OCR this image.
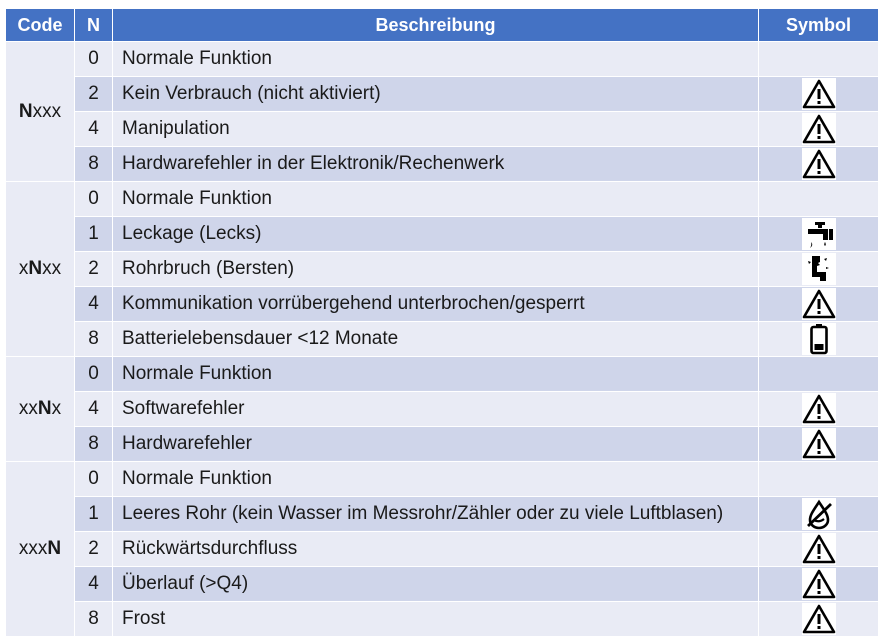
Code	N	Beschreibung	Symbol
Nxxx	0	Normale Funktion	
	2	Kein Verbrauch (nicht aktiviert)	

	4	Manipulation	

	8	Hardwarefehler in der Elektronik/Rechenwerk	

xNxx	0	Normale Funktion	
	1	Leckage (Lecks)	

	2	Rohrbruch (Bersten)	

	4	Kommunikation vorrübergehend unterbrochen/gesperrt	

	8	Batterielebensdauer <12 Monate	

xxNx	0	Normale Funktion	
	4	Softwarefehler	

	8	Hardwarefehler	

xxxN	0	Normale Funktion	
	1	Leeres Rohr (kein Wasser im Messrohr/Zähler oder zu viele Luftblasen)	

	2	Rückwärtsdurchfluss	

	4	Überlauf (>Q4)	

	8	Frost	
